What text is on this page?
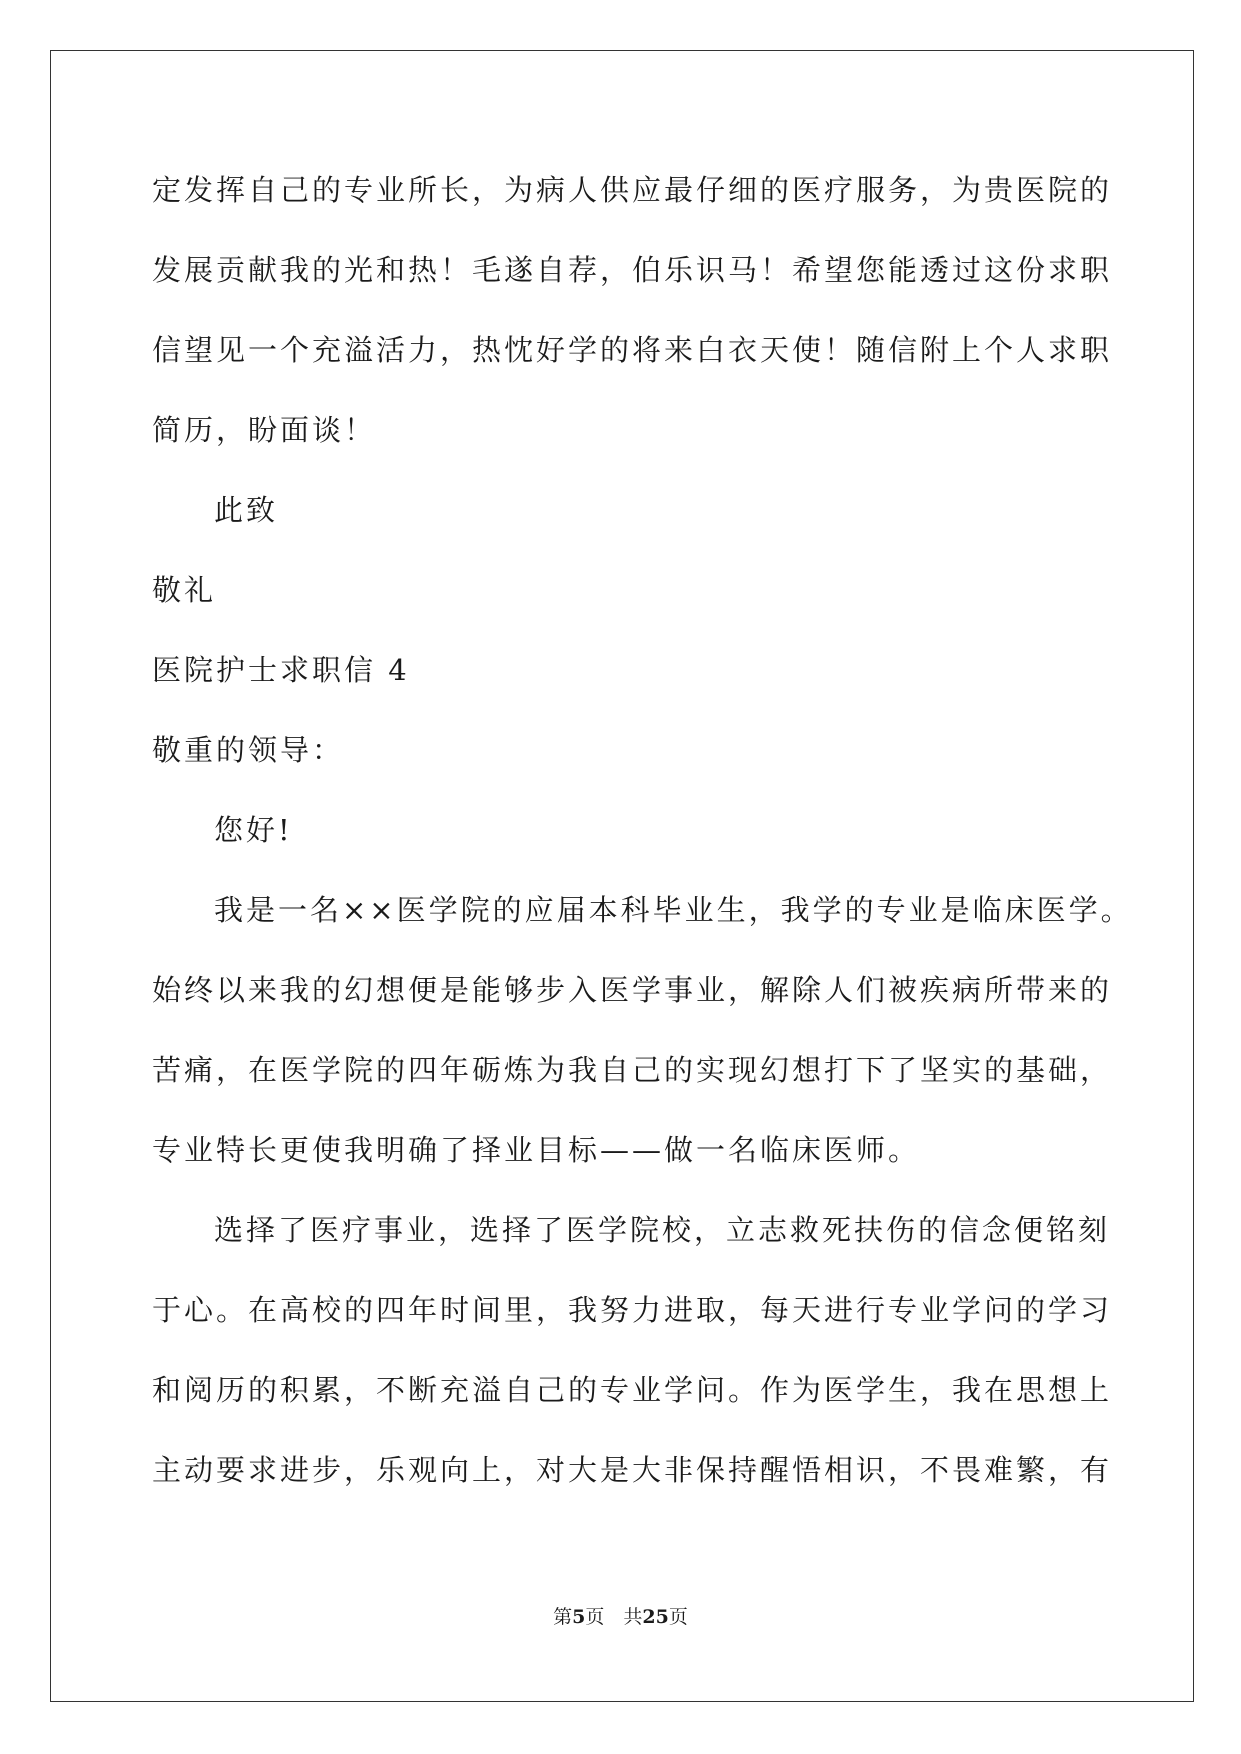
定发挥自己的专业所长，为病人供应最仔细的医疗服务，为贵医院的
发展贡献我的光和热！毛遂自荐，伯乐识马！希望您能透过这份求职
信望见一个充溢活力，热忱好学的将来白衣天使！随信附上个人求职
简历，盼面谈！
此致
敬礼
医院护士求职信 4
敬重的领导：
您好!
我是一名××医学院的应届本科毕业生，我学的专业是临床医学。
始终以来我的幻想便是能够步入医学事业，解除人们被疾病所带来的
苦痛，在医学院的四年砺炼为我自己的实现幻想打下了坚实的基础，
专业特长更使我明确了择业目标——做一名临床医师。
选择了医疗事业，选择了医学院校，立志救死扶伤的信念便铭刻
于心。在高校的四年时间里，我努力进取，每天进行专业学问的学习
和阅历的积累，不断充溢自己的专业学问。作为医学生，我在思想上
主动要求进步，乐观向上，对大是大非保持醒悟相识，不畏难繁，有
第5页　共25页
